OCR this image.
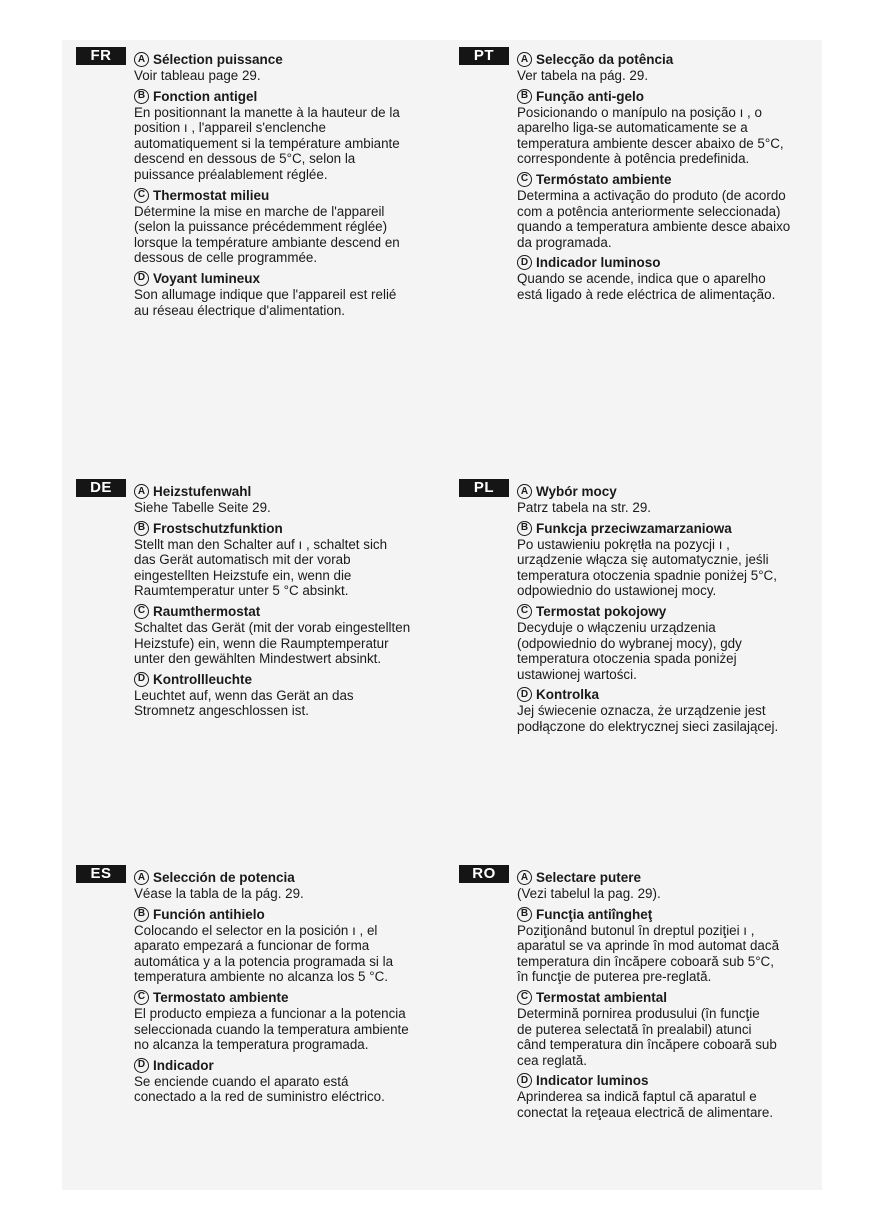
FR	A Sélection puissance
Voir tableau page 29.
B Fonction antigel
En positionnant la manette à la hauteur de la
position ı , l'appareil s'enclenche
automatiquement si la température ambiante
descend en dessous de 5°C, selon la
puissance préalablement réglée.
C Thermostat milieu
Détermine la mise en marche de l'appareil
(selon la puissance précédemment réglée)
lorsque la température ambiante descend en
dessous de celle programmée.
D Voyant lumineux
Son allumage indique que l'appareil est relié
au réseau électrique d'alimentation.
PT	A Selecção da potência
Ver tabela na pág. 29.
B Função anti-gelo
Posicionando o manípulo na posição ı , o
aparelho liga-se automaticamente se a
temperatura ambiente descer abaixo de 5°C,
correspondente à potência predefinida.
C Termóstato ambiente
Determina a activação do produto (de acordo
com a potência anteriormente seleccionada)
quando a temperatura ambiente desce abaixo
da programada.
D Indicador luminoso
Quando se acende, indica que o aparelho
está ligado à rede eléctrica de alimentação.
DE	A Heizstufenwahl
Siehe Tabelle Seite 29.
B Frostschutzfunktion
Stellt man den Schalter auf ı , schaltet sich
das Gerät automatisch mit der vorab
eingestellten Heizstufe ein, wenn die
Raumtemperatur unter 5 °C absinkt.
C Raumthermostat
Schaltet das Gerät (mit der vorab eingestellten
Heizstufe) ein, wenn die Raumptemperatur
unter den gewählten Mindestwert absinkt.
D Kontrollleuchte
Leuchtet auf, wenn das Gerät an das
Stromnetz angeschlossen ist.
PL	A Wybór mocy
Patrz tabela na str. 29.
B Funkcja przeciwzamarzaniowa
Po ustawieniu pokrętła na pozycji ı ,
urządzenie włącza się automatycznie, jeśli
temperatura otoczenia spadnie poniżej 5°C,
odpowiednio do ustawionej mocy.
C Termostat pokojowy
Decyduje o włączeniu urządzenia
(odpowiednio do wybranej mocy), gdy
temperatura otoczenia spada poniżej
ustawionej wartości.
D Kontrolka
Jej świecenie oznacza, że urządzenie jest
podłączone do elektrycznej sieci zasilającej.
ES	A Selección de potencia
Véase la tabla de la pág. 29.
B Función antihielo
Colocando el selector en la posición ı , el
aparato empezará a funcionar de forma
automática y a la potencia programada si la
temperatura ambiente no alcanza los 5 °C.
C Termostato ambiente
El producto empieza a funcionar a la potencia
seleccionada cuando la temperatura ambiente
no alcanza la temperatura programada.
D Indicador
Se enciende cuando el aparato está
conectado a la red de suministro eléctrico.
RO	A Selectare putere
(Vezi tabelul la pag. 29).
B Funcţia antiîngheţ
Poziţionând butonul în dreptul poziţiei ı ,
aparatul se va aprinde în mod automat dacă
temperatura din încăpere coboară sub 5°C,
în funcţie de puterea pre-reglată.
C Termostat ambiental
Determină pornirea produsului (în funcţie
de puterea selectată în prealabil) atunci
când temperatura din încăpere coboară sub
cea reglată.
D Indicator luminos
Aprinderea sa indică faptul că aparatul e
conectat la reţeaua electrică de alimentare.
